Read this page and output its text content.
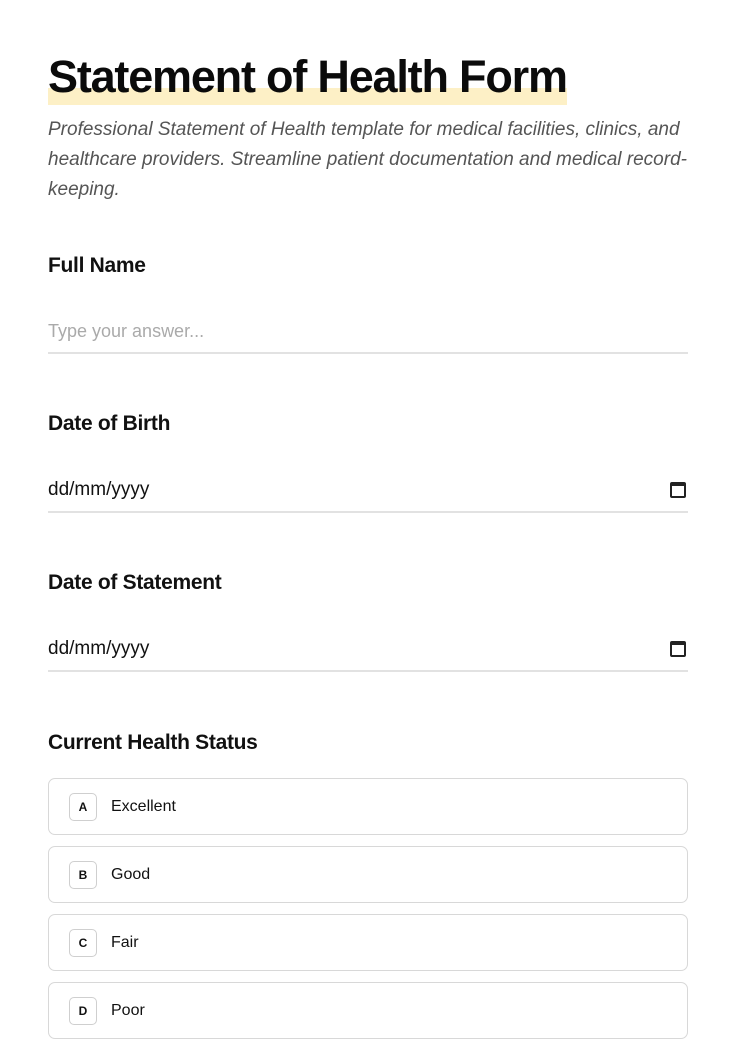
Statement of Health Form

Professional Statement of Health template for medical facilities, clinics, and healthcare providers. Streamline patient documentation and medical record-keeping.

Full Name
Type your answer...
Date of Birth
dd/mm/yyyy
Date of Statement
dd/mm/yyyy
Current Health Status
A	Excellent
B	Good
C	Fair
D	Poor
